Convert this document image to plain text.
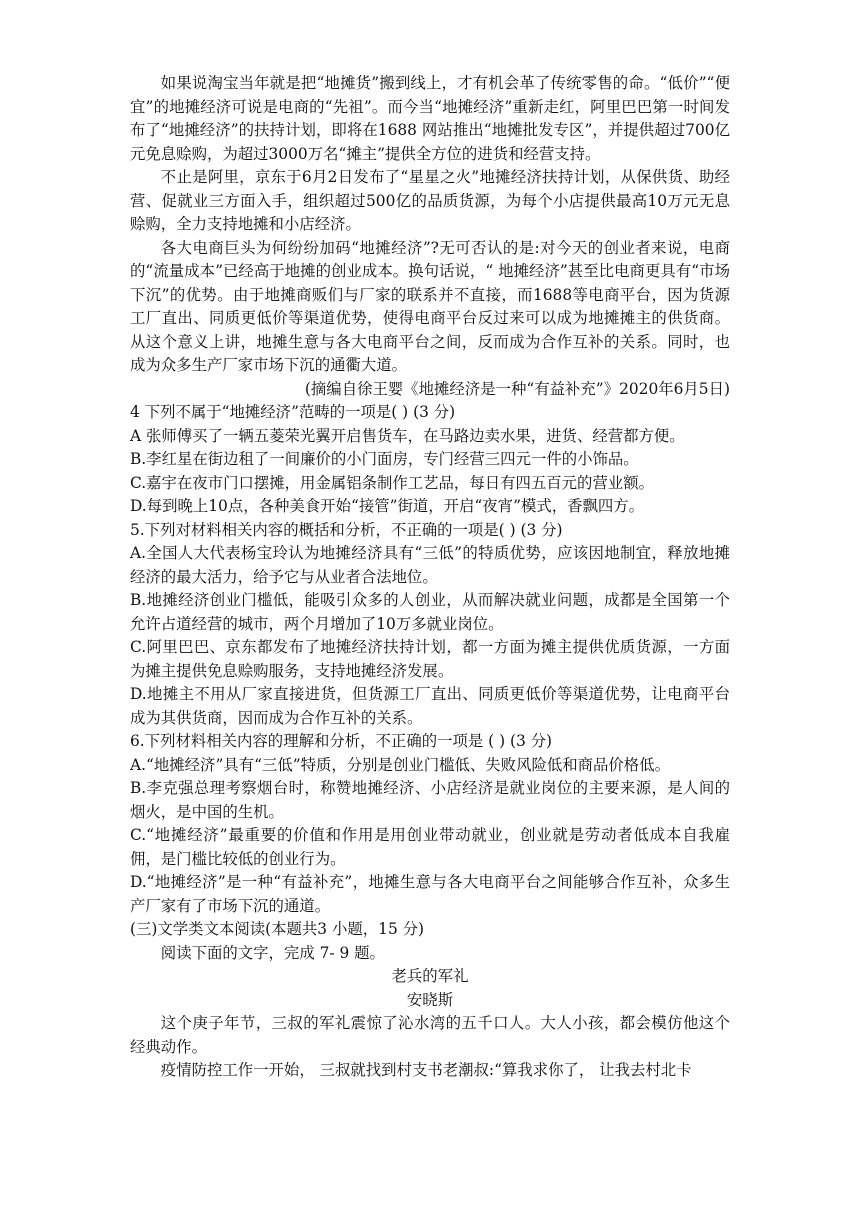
如果说淘宝当年就是把“地摊货”搬到线上，才有机会革了传统零售的命。“低价”“便宜”的地摊经济可说是电商的“先祖”。而今当“地摊经济”重新走红，阿里巴巴第一时间发布了“地摊经济”的扶持计划，即将在1688 网站推出“地摊批发专区”，并提供超过700亿元免息赊购，为超过3000万名“摊主”提供全方位的进货和经营支持。

不止是阿里，京东于6月2日发布了“星星之火”地摊经济扶持计划，从保供货、助经营、促就业三方面入手，组织超过500亿的品质货源，为每个小店提供最高10万元无息赊购，全力支持地摊和小店经济。

各大电商巨头为何纷纷加码“地摊经济”?无可否认的是:对今天的创业者来说，电商的“流量成本”已经高于地摊的创业成本。换句话说，“ 地摊经济”甚至比电商更具有“市场下沉”的优势。由于地摊商贩们与厂家的联系并不直接，而1688等电商平台，因为货源工厂直出、同质更低价等渠道优势，使得电商平台反过来可以成为地摊摊主的供货商。从这个意义上讲，地摊生意与各大电商平台之间，反而成为合作互补的关系。同时，也成为众多生产厂家市场下沉的通衢大道。

(摘编自徐王婴《地摊经济是一种“有益补充”》2020年6月5日)

4 下列不属于“地摊经济”范畴的一项是( ) (3 分)

A 张师傅买了一辆五菱荣光翼开启售货车，在马路边卖水果，进货、经营都方便。

B.李红星在街边租了一间廉价的小门面房，专门经营三四元一件的小饰品。

C.嘉宇在夜市门口摆摊，用金属铝条制作工艺品，每日有四五百元的营业额。

D.每到晚上10点，各种美食开始“接管”街道，开启“夜宵”模式，香飘四方。

5.下列对材料相关内容的概括和分析，不正确的一项是( ) (3 分)

A.全国人大代表杨宝玲认为地摊经济具有“三低”的特质优势，应该因地制宜，释放地摊经济的最大活力，给予它与从业者合法地位。

B.地摊经济创业门槛低，能吸引众多的人创业，从而解决就业问题，成都是全国第一个允许占道经营的城市，两个月增加了10万多就业岗位。

C.阿里巴巴、京东都发布了地摊经济扶持计划，都一方面为摊主提供优质货源，一方面为摊主提供免息赊购服务，支持地摊经济发展。

D.地摊主不用从厂家直接进货，但货源工厂直出、同质更低价等渠道优势，让电商平台成为其供货商，因而成为合作互补的关系。

6.下列材料相关内容的理解和分析，不正确的一项是 ( ) (3 分)

A.“地摊经济”具有“三低”特质，分别是创业门槛低、失败风险低和商品价格低。

B.李克强总理考察烟台时，称赞地摊经济、小店经济是就业岗位的主要来源，是人间的烟火，是中国的生机。

C.“地摊经济”最重要的价值和作用是用创业带动就业，创业就是劳动者低成本自我雇佣，是门槛比较低的创业行为。

D.“地摊经济”是一种“有益补充”，地摊生意与各大电商平台之间能够合作互补，众多生产厂家有了市场下沉的通道。

(三)文学类文本阅读(本题共3 小题，15 分)

阅读下面的文字，完成 7- 9 题。

老兵的军礼

安晓斯

这个庚子年节，三叔的军礼震惊了沁水湾的五千口人。大人小孩，都会模仿他这个经典动作。

疫情防控工作一开始， 三叔就找到村支书老潮叔:“算我求你了， 让我去村北卡
